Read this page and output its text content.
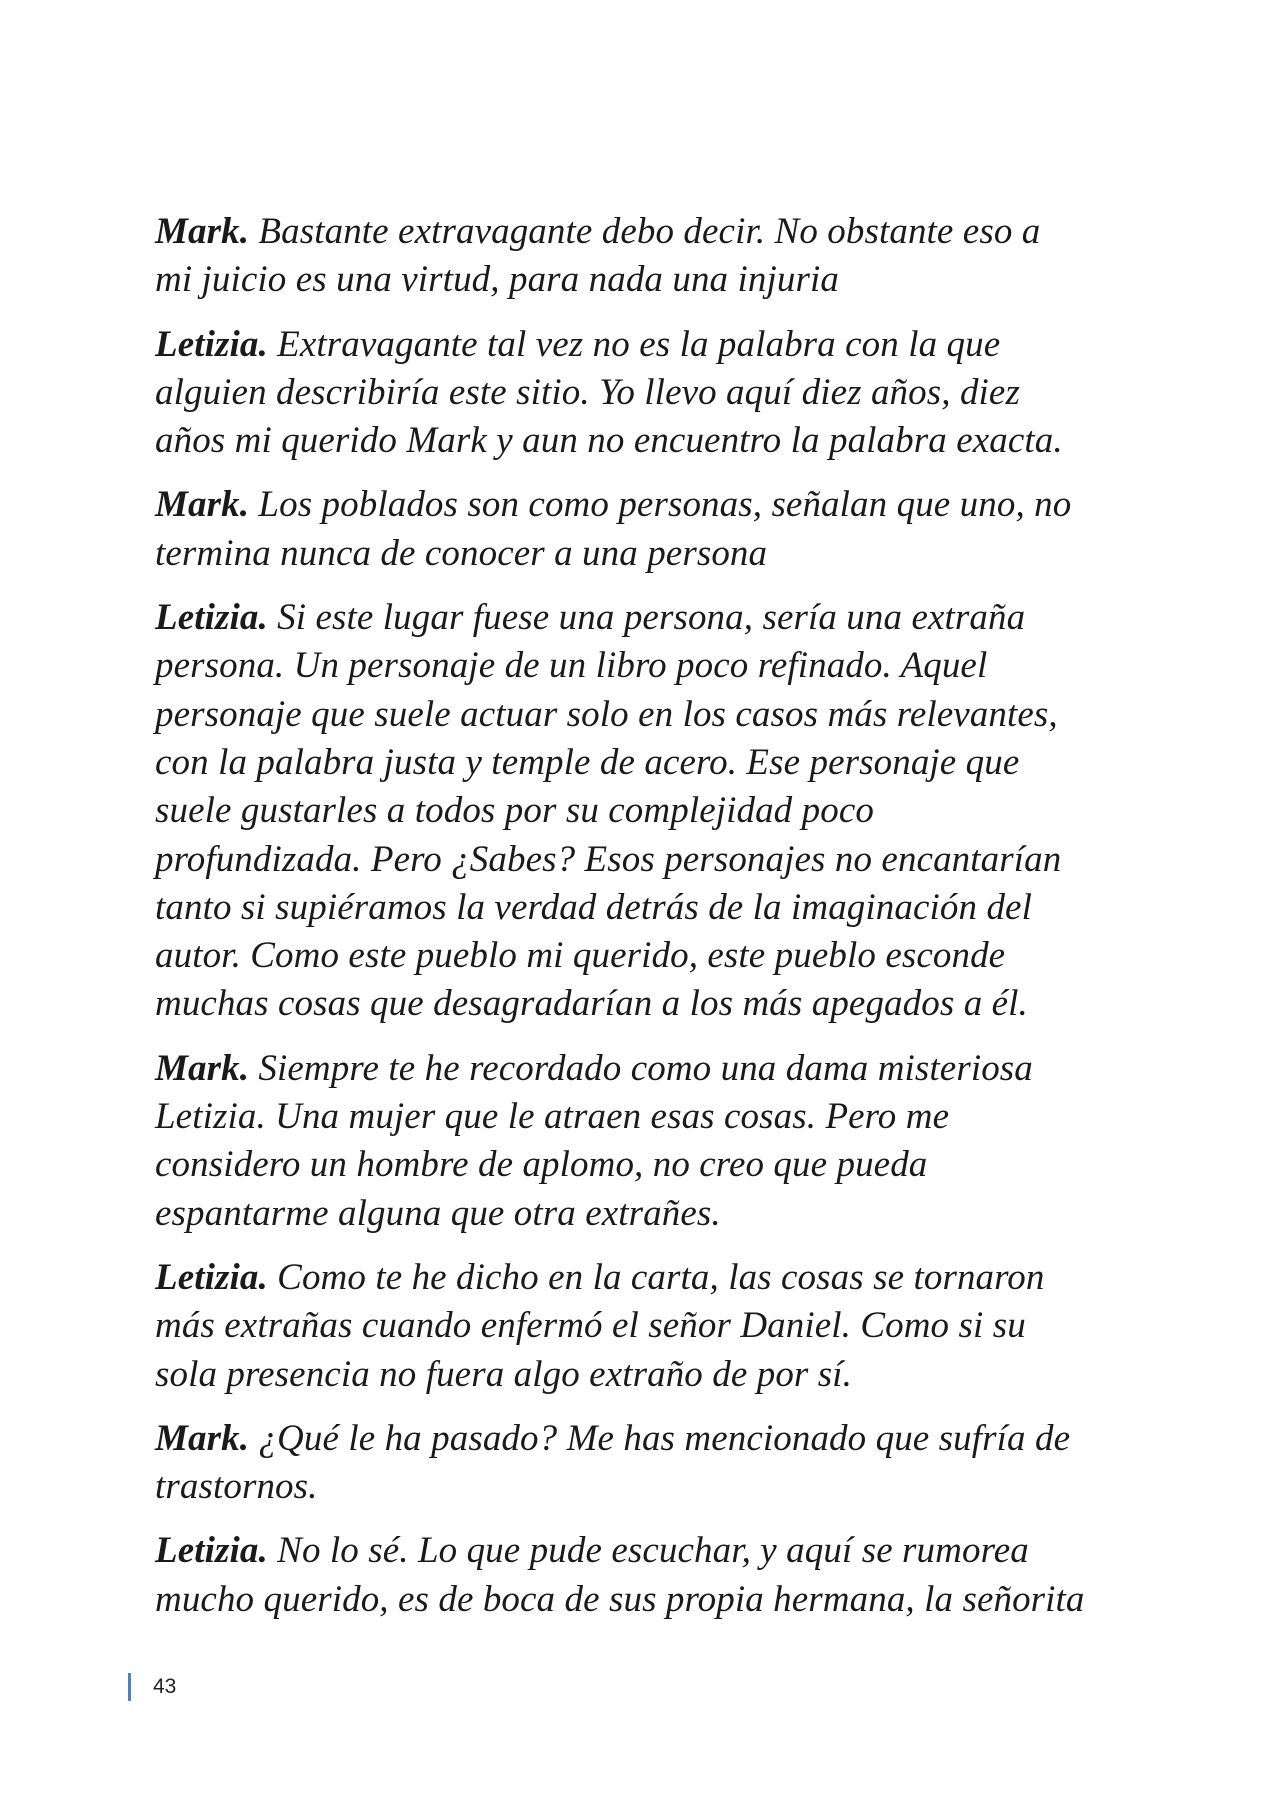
Mark. Bastante extravagante debo decir. No obstante eso a
mi juicio es una virtud, para nada una injuria

Letizia. Extravagante tal vez no es la palabra con la que
alguien describiría este sitio. Yo llevo aquí diez años, diez
años mi querido Mark y aun no encuentro la palabra exacta.

Mark. Los poblados son como personas, señalan que uno, no
termina nunca de conocer a una persona

Letizia. Si este lugar fuese una persona, sería una extraña
persona. Un personaje de un libro poco refinado. Aquel
personaje que suele actuar solo en los casos más relevantes,
con la palabra justa y temple de acero. Ese personaje que
suele gustarles a todos por su complejidad poco
profundizada. Pero ¿Sabes? Esos personajes no encantarían
tanto si supiéramos la verdad detrás de la imaginación del
autor. Como este pueblo mi querido, este pueblo esconde
muchas cosas que desagradarían a los más apegados a él.

Mark. Siempre te he recordado como una dama misteriosa
Letizia. Una mujer que le atraen esas cosas. Pero me
considero un hombre de aplomo, no creo que pueda
espantarme alguna que otra extrañes.

Letizia. Como te he dicho en la carta, las cosas se tornaron
más extrañas cuando enfermó el señor Daniel. Como si su
sola presencia no fuera algo extraño de por sí.

Mark. ¿Qué le ha pasado? Me has mencionado que sufría de
trastornos.

Letizia. No lo sé. Lo que pude escuchar, y aquí se rumorea
mucho querido, es de boca de sus propia hermana, la señorita

43
